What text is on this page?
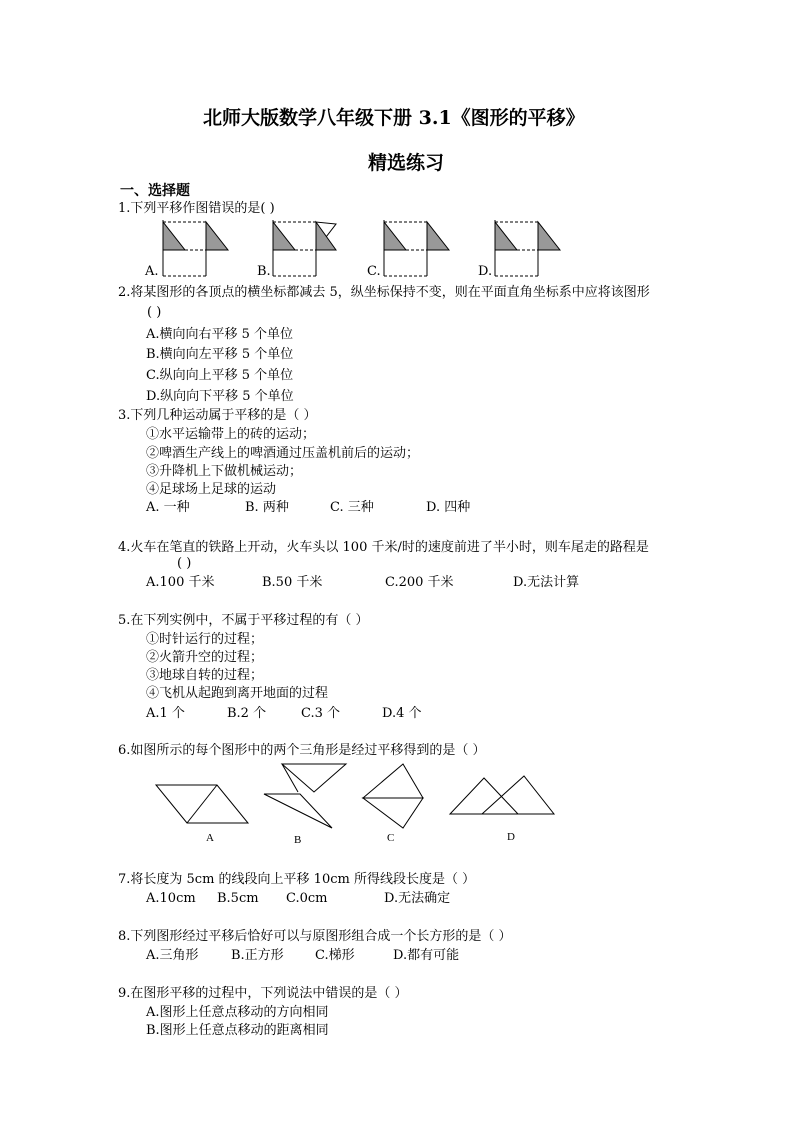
北师大版数学八年级下册 3.1《图形的平移》
精选练习
一、选择题
1.下列平移作图错误的是( )
A.	B.	C.	D.
2.将某图形的各顶点的横坐标都减去 5，纵坐标保持不变，则在平面直角坐标系中应将该图形
( )
A.横向向右平移 5 个单位
B.横向向左平移 5 个单位
C.纵向向上平移 5 个单位
D.纵向向下平移 5 个单位
3.下列几种运动属于平移的是（ ）
①水平运输带上的砖的运动；
②啤酒生产线上的啤酒通过压盖机前后的运动；
③升降机上下做机械运动；
④足球场上足球的运动
A. 一种	B. 两种	C. 三种	D. 四种
4.火车在笔直的铁路上开动，火车头以 100 千米/时的速度前进了半小时，则车尾走的路程是
( )
A.100 千米	B.50 千米	C.200 千米	D.无法计算
5.在下列实例中，不属于平移过程的有（ ）
①时针运行的过程；
②火箭升空的过程；
③地球自转的过程；
④飞机从起跑到离开地面的过程
A.1 个	B.2 个	C.3 个	D.4 个
6.如图所示的每个图形中的两个三角形是经过平移得到的是（ ）
A	B	C	D
7.将长度为 5cm 的线段向上平移 10cm 所得线段长度是（ ）
A.10cm B.5cm C.0cm	D.无法确定
8.下列图形经过平移后恰好可以与原图形组合成一个长方形的是（ ）
A.三角形 B.正方形 C.梯形	D.都有可能
9.在图形平移的过程中，下列说法中错误的是（ ）
A.图形上任意点移动的方向相同
B.图形上任意点移动的距离相同
